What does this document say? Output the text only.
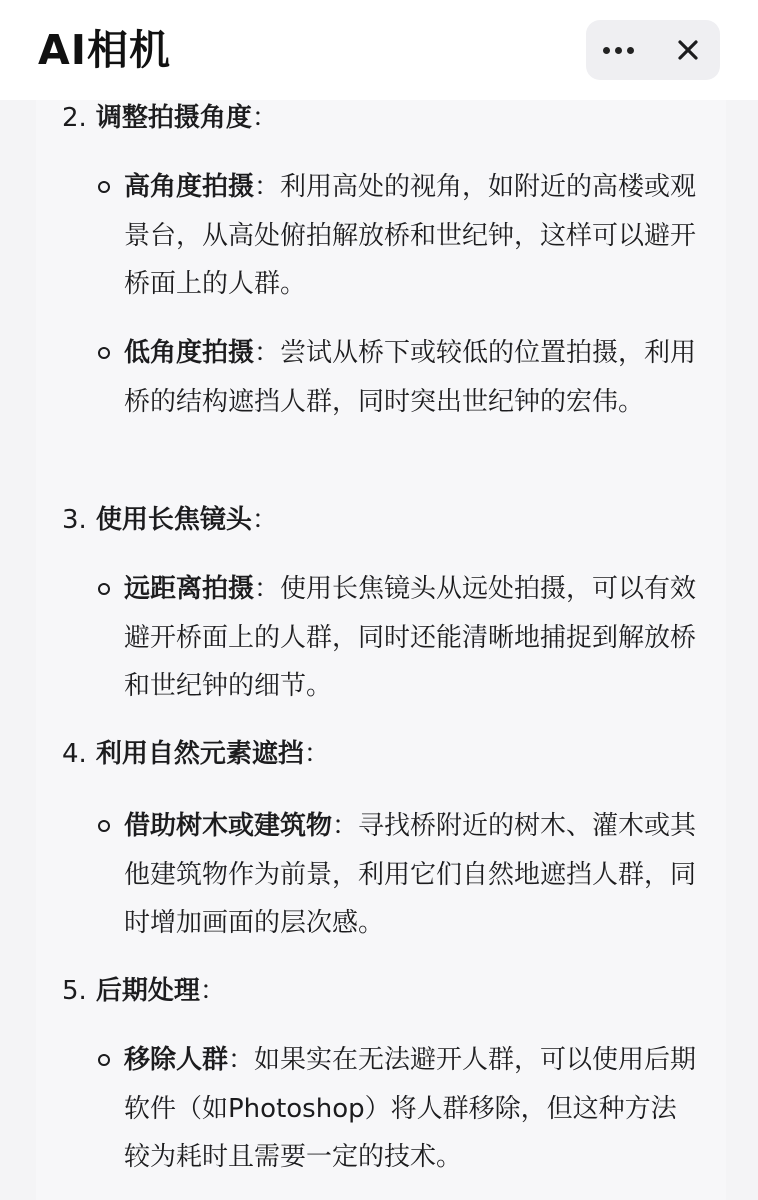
AI相机
2. 调整拍摄角度：
高角度拍摄：利用高处的视角，如附近的高楼或观景台，从高处俯拍解放桥和世纪钟，这样可以避开桥面上的人群。
低角度拍摄：尝试从桥下或较低的位置拍摄，利用桥的结构遮挡人群，同时突出世纪钟的宏伟。
3. 使用长焦镜头：
远距离拍摄：使用长焦镜头从远处拍摄，可以有效避开桥面上的人群，同时还能清晰地捕捉到解放桥和世纪钟的细节。
4. 利用自然元素遮挡：
借助树木或建筑物：寻找桥附近的树木、灌木或其他建筑物作为前景，利用它们自然地遮挡人群，同时增加画面的层次感。
5. 后期处理：
移除人群：如果实在无法避开人群，可以使用后期软件（如Photoshop）将人群移除，但这种方法较为耗时且需要一定的技术。
